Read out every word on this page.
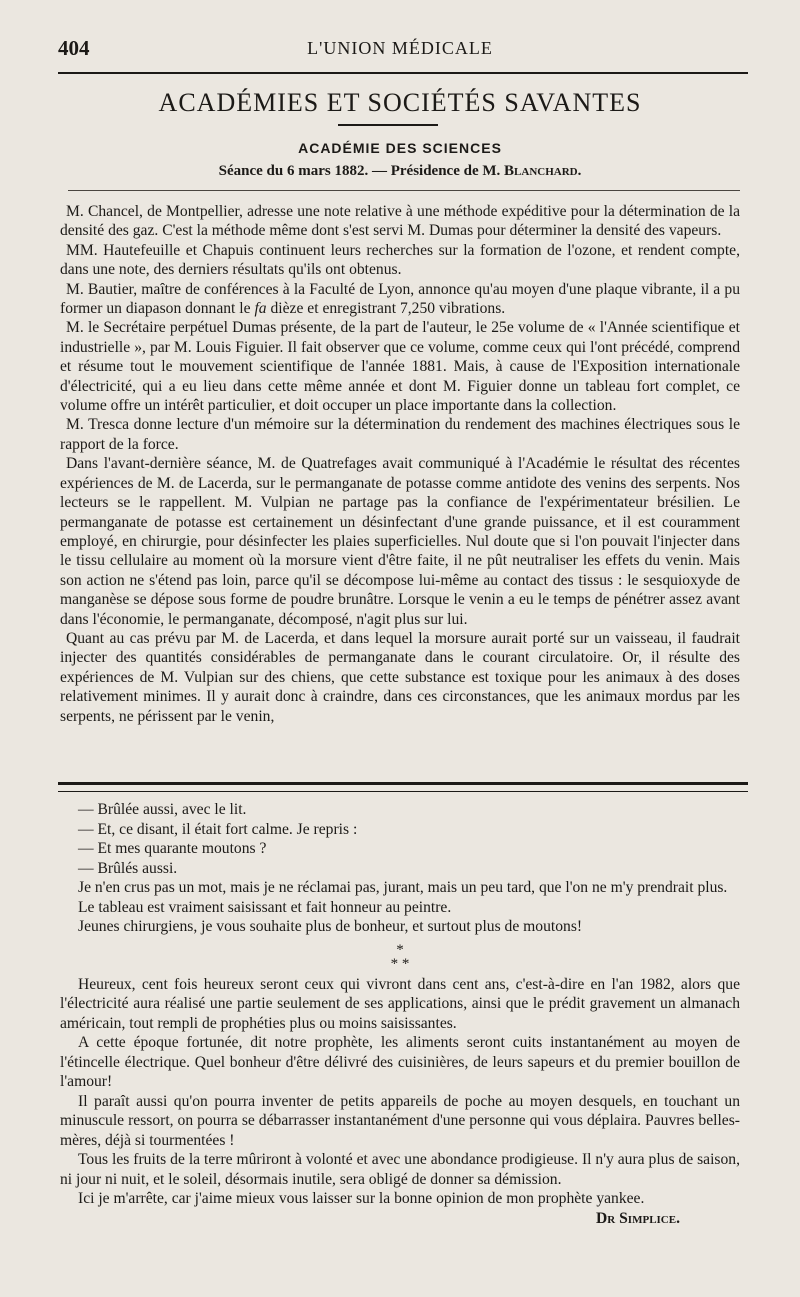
404	L'UNION MÉDICALE
ACADÉMIES ET SOCIÉTÉS SAVANTES
ACADÉMIE DES SCIENCES
Séance du 6 mars 1882. — Présidence de M. Blanchard.

M. Chancel, de Montpellier, adresse une note relative à une méthode expéditive pour la détermination de la densité des gaz. C'est la méthode même dont s'est servi M. Dumas pour déterminer la densité des vapeurs.

MM. Hautefeuille et Chapuis continuent leurs recherches sur la formation de l'ozone, et rendent compte, dans une note, des derniers résultats qu'ils ont obtenus.

M. Bautier, maître de conférences à la Faculté de Lyon, annonce qu'au moyen d'une plaque vibrante, il a pu former un diapason donnant le fa dièze et enregistrant 7,250 vibrations.

M. le Secrétaire perpétuel Dumas présente, de la part de l'auteur, le 25e volume de « l'Année scientifique et industrielle », par M. Louis Figuier. Il fait observer que ce volume, comme ceux qui l'ont précédé, comprend et résume tout le mouvement scientifique de l'année 1881. Mais, à cause de l'Exposition internationale d'électricité, qui a eu lieu dans cette même année et dont M. Figuier donne un tableau fort complet, ce volume offre un intérêt particulier, et doit occuper un place importante dans la collection.

M. Tresca donne lecture d'un mémoire sur la détermination du rendement des machines électriques sous le rapport de la force.

Dans l'avant-dernière séance, M. de Quatrefages avait communiqué à l'Académie le résultat des récentes expériences de M. de Lacerda, sur le permanganate de potasse comme antidote des venins des serpents. Nos lecteurs se le rappellent. M. Vulpian ne partage pas la confiance de l'expérimentateur brésilien. Le permanganate de potasse est certainement un désinfectant d'une grande puissance, et il est couramment employé, en chirurgie, pour désinfecter les plaies superficielles. Nul doute que si l'on pouvait l'injecter dans le tissu cellulaire au moment où la morsure vient d'être faite, il ne pût neutraliser les effets du venin. Mais son action ne s'étend pas loin, parce qu'il se décompose lui-même au contact des tissus : le sesquioxyde de manganèse se dépose sous forme de poudre brunâtre. Lorsque le venin a eu le temps de pénétrer assez avant dans l'économie, le permanganate, décomposé, n'agit plus sur lui.

Quant au cas prévu par M. de Lacerda, et dans lequel la morsure aurait porté sur un vaisseau, il faudrait injecter des quantités considérables de permanganate dans le courant circulatoire. Or, il résulte des expériences de M. Vulpian sur des chiens, que cette substance est toxique pour les animaux à des doses relativement minimes. Il y aurait donc à craindre, dans ces circonstances, que les animaux mordus par les serpents, ne périssent par le venin,

— Brûlée aussi, avec le lit.

— Et, ce disant, il était fort calme. Je repris :

— Et mes quarante moutons ?

— Brûlés aussi.

Je n'en crus pas un mot, mais je ne réclamai pas, jurant, mais un peu tard, que l'on ne m'y prendrait plus.

Le tableau est vraiment saisissant et fait honneur au peintre.

Jeunes chirurgiens, je vous souhaite plus de bonheur, et surtout plus de moutons!

*
* *

Heureux, cent fois heureux seront ceux qui vivront dans cent ans, c'est-à-dire en l'an 1982, alors que l'électricité aura réalisé une partie seulement de ses applications, ainsi que le prédit gravement un almanach américain, tout rempli de prophéties plus ou moins saisissantes.

A cette époque fortunée, dit notre prophète, les aliments seront cuits instantanément au moyen de l'étincelle électrique. Quel bonheur d'être délivré des cuisinières, de leurs sapeurs et du premier bouillon de l'amour!

Il paraît aussi qu'on pourra inventer de petits appareils de poche au moyen desquels, en touchant un minuscule ressort, on pourra se débarrasser instantanément d'une personne qui vous déplaira. Pauvres belles-mères, déjà si tourmentées !

Tous les fruits de la terre mûriront à volonté et avec une abondance prodigieuse. Il n'y aura plus de saison, ni jour ni nuit, et le soleil, désormais inutile, sera obligé de donner sa démission.

Ici je m'arrête, car j'aime mieux vous laisser sur la bonne opinion de mon prophète yankee.

Dr Simplice.
